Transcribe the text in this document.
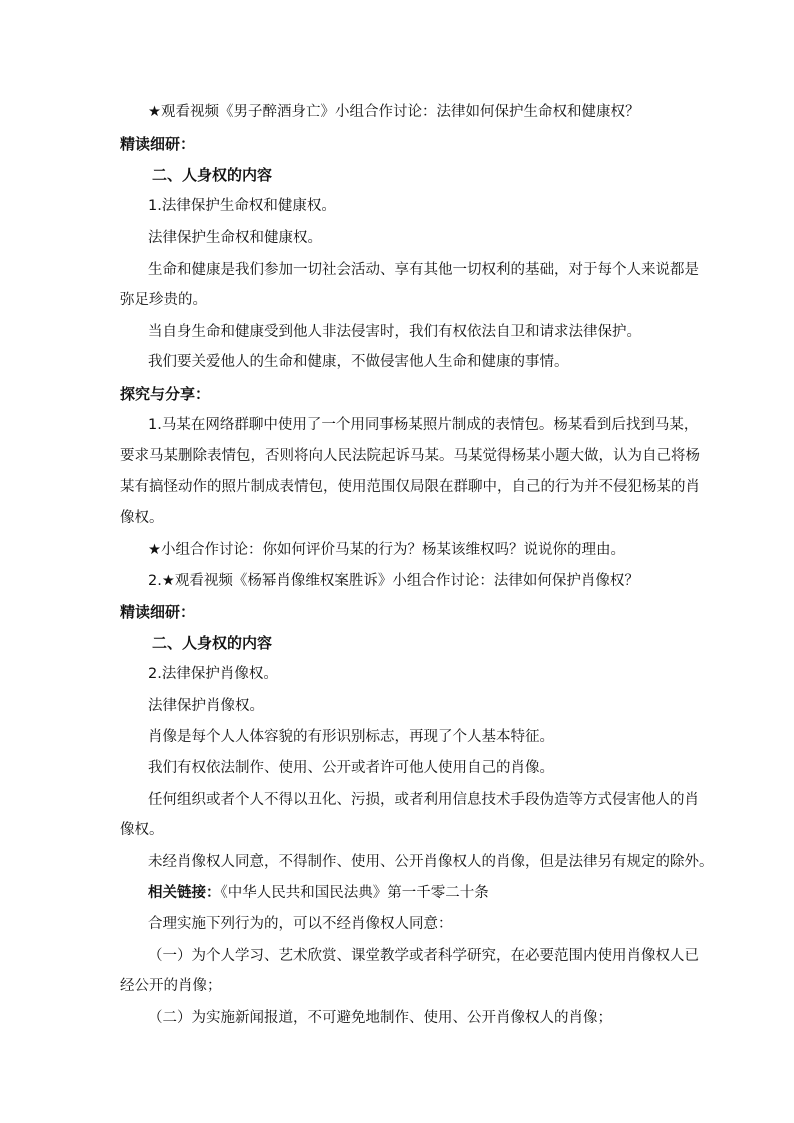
★观看视频《男子醉酒身亡》小组合作讨论：法律如何保护生命权和健康权？
精读细研：
二、人身权的内容
1.法律保护生命权和健康权。
法律保护生命权和健康权。
生命和健康是我们参加一切社会活动、享有其他一切权利的基础，对于每个人来说都是
弥足珍贵的。
当自身生命和健康受到他人非法侵害时，我们有权依法自卫和请求法律保护。
我们要关爱他人的生命和健康，不做侵害他人生命和健康的事情。
探究与分享：
1.马某在网络群聊中使用了一个用同事杨某照片制成的表情包。杨某看到后找到马某，
要求马某删除表情包，否则将向人民法院起诉马某。马某觉得杨某小题大做，认为自己将杨
某有搞怪动作的照片制成表情包，使用范围仅局限在群聊中，自己的行为并不侵犯杨某的肖
像权。
★小组合作讨论：你如何评价马某的行为？杨某该维权吗？说说你的理由。
2.★观看视频《杨幂肖像维权案胜诉》小组合作讨论：法律如何保护肖像权？
精读细研：
二、人身权的内容
2.法律保护肖像权。
法律保护肖像权。
肖像是每个人人体容貌的有形识别标志，再现了个人基本特征。
我们有权依法制作、使用、公开或者许可他人使用自己的肖像。
任何组织或者个人不得以丑化、污损，或者利用信息技术手段伪造等方式侵害他人的肖
像权。
未经肖像权人同意，不得制作、使用、公开肖像权人的肖像，但是法律另有规定的除外。
相关链接：《中华人民共和国民法典》第一千零二十条
合理实施下列行为的，可以不经肖像权人同意：
（一）为个人学习、艺术欣赏、课堂教学或者科学研究，在必要范围内使用肖像权人已
经公开的肖像；
（二）为实施新闻报道，不可避免地制作、使用、公开肖像权人的肖像；
